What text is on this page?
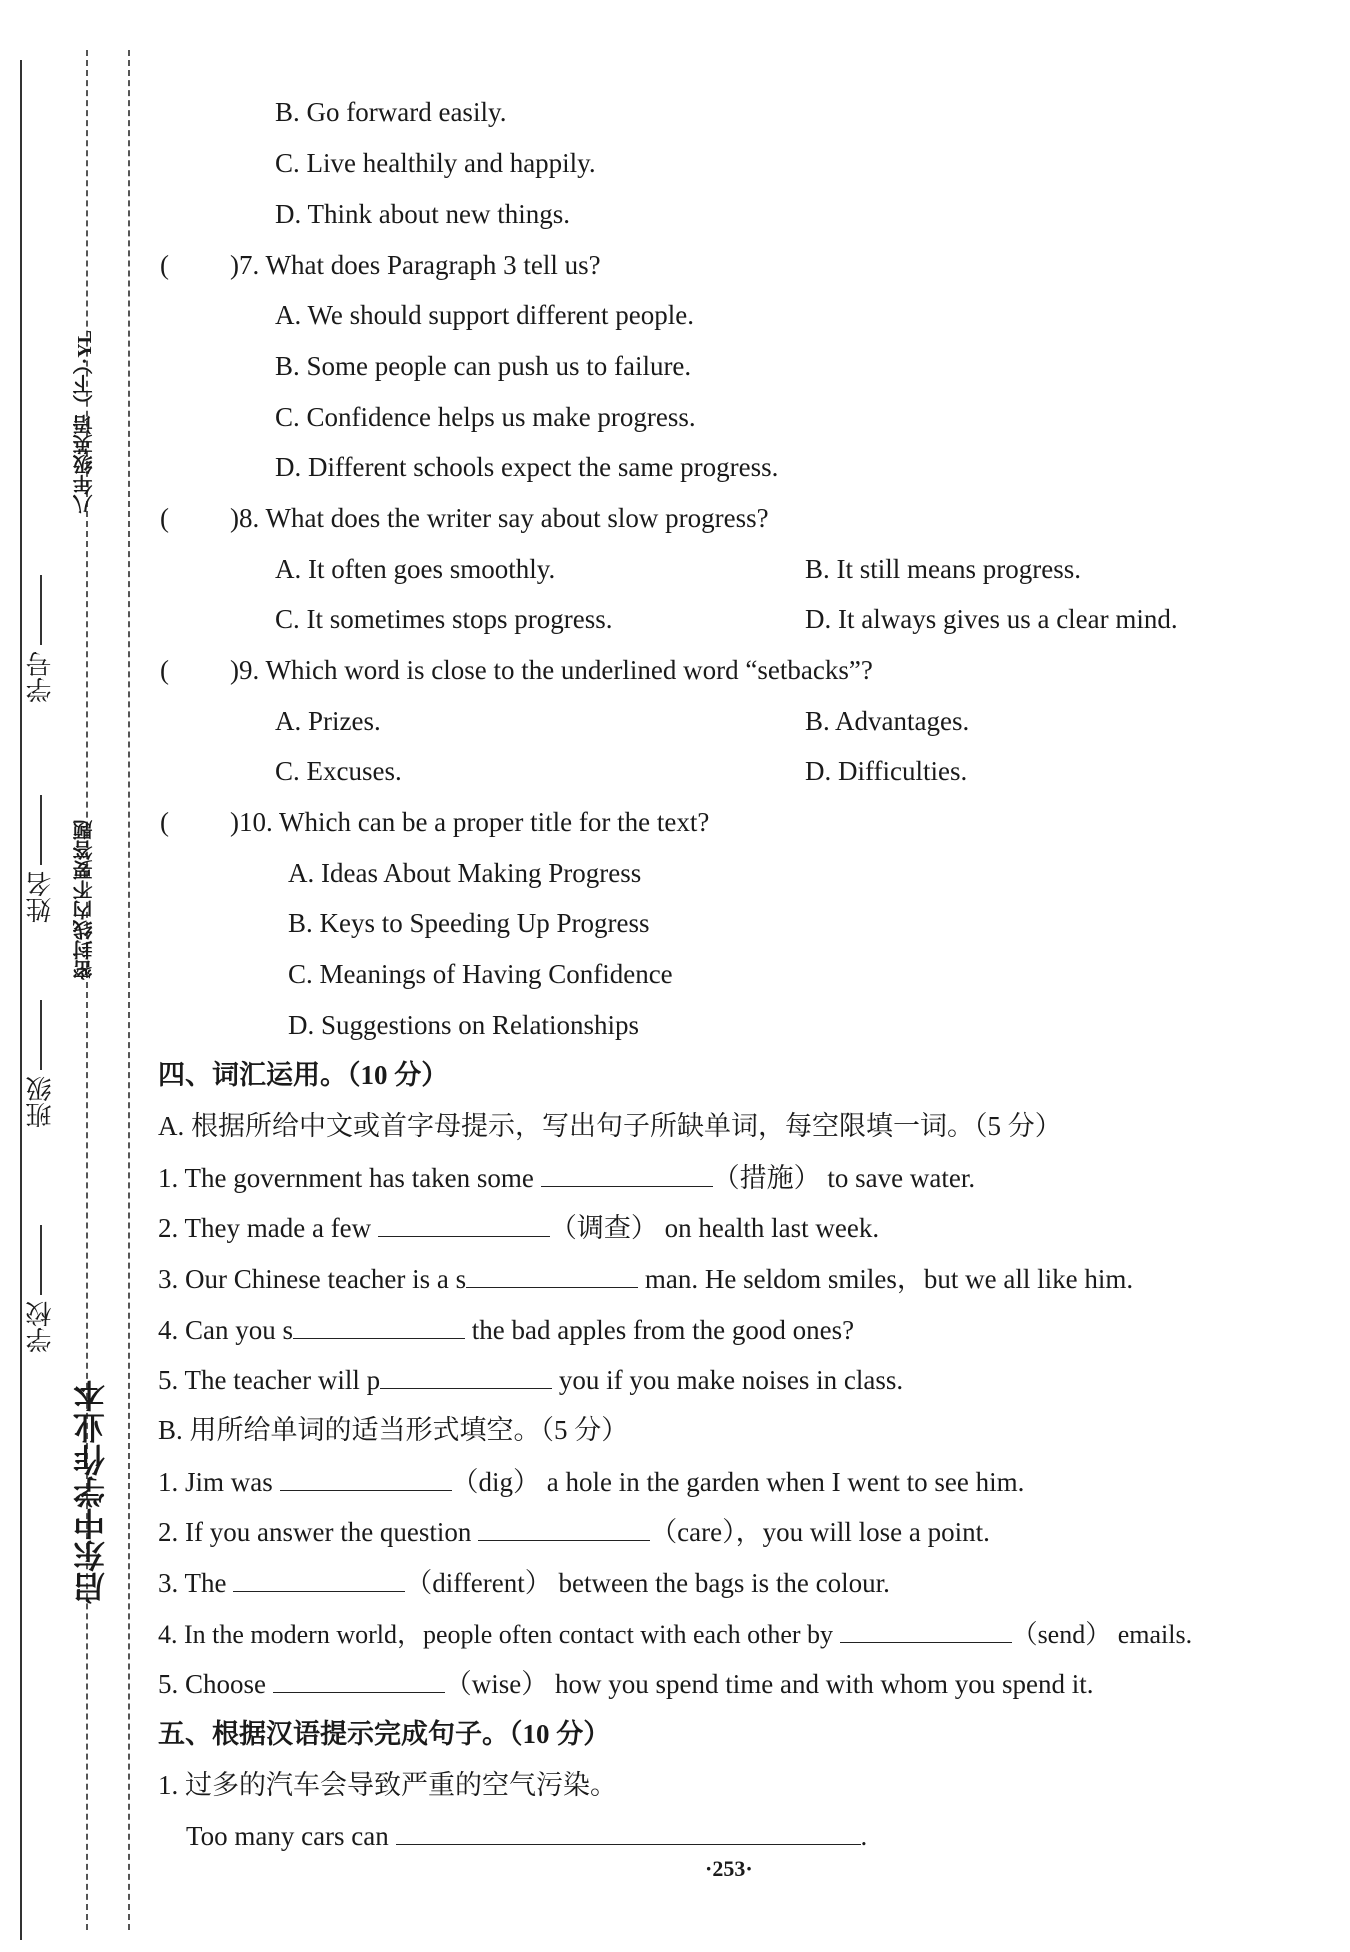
学校
班级
姓名
学号
启东中学作业本
密封线内不要答题
八年级英语（下）·YL
B. Go forward easily.
C. Live healthily and happily.
D. Think about new things.
( )7. What does Paragraph 3 tell us?
A. We should support different people.
B. Some people can push us to failure.
C. Confidence helps us make progress.
D. Different schools expect the same progress.
( )8. What does the writer say about slow progress?
A. It often goes smoothly.	B. It still means progress.
C. It sometimes stops progress.	D. It always gives us a clear mind.
( )9. Which word is close to the underlined word “setbacks”?
A. Prizes.	B. Advantages.
C. Excuses.	D. Difficulties.
( )10. Which can be a proper title for the text?
A. Ideas About Making Progress
B. Keys to Speeding Up Progress
C. Meanings of Having Confidence
D. Suggestions on Relationships
四、词汇运用。（10 分）
A. 根据所给中文或首字母提示，写出句子所缺单词，每空限填一词。（5 分）
1. The government has taken some	（措施） to save water.
2. They made a few	（调查） on health last week.
3. Our Chinese teacher is a s	man. He seldom smiles，but we all like him.
4. Can you s	the bad apples from the good ones?
5. The teacher will p	you if you make noises in class.
B. 用所给单词的适当形式填空。（5 分）
1. Jim was	（dig） a hole in the garden when I went to see him.
2. If you answer the question	（care），you will lose a point.
3. The	（different） between the bags is the colour.
4. In the modern world，people often contact with each other by	（send） emails.
5. Choose	（wise） how you spend time and with whom you spend it.
五、根据汉语提示完成句子。（10 分）
1. 过多的汽车会导致严重的空气污染。
Too many cars can	.
·253·
